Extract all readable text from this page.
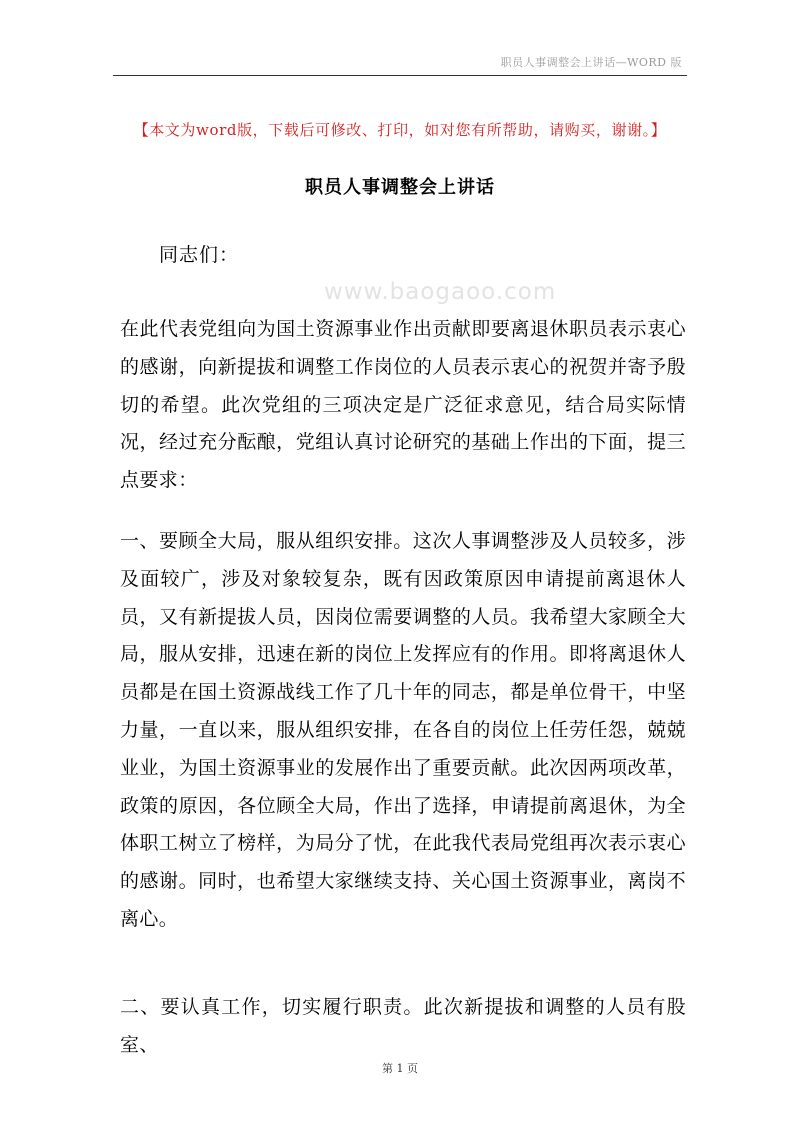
职员人事调整会上讲话—WORD 版
【本文为word版，下载后可修改、打印，如对您有所帮助，请购买，谢谢。】
职员人事调整会上讲话
同志们：
www.baogaoo.com

在此代表党组向为国土资源事业作出贡献即要离退休职员表示衷心的感谢，向新提拔和调整工作岗位的人员表示衷心的祝贺并寄予殷切的希望。此次党组的三项决定是广泛征求意见，结合局实际情况，经过充分酝酿，党组认真讨论研究的基础上作出的下面，提三点要求：

一、要顾全大局，服从组织安排。这次人事调整涉及人员较多，涉及面较广，涉及对象较复杂，既有因政策原因申请提前离退休人员，又有新提拔人员，因岗位需要调整的人员。我希望大家顾全大局，服从安排，迅速在新的岗位上发挥应有的作用。即将离退休人员都是在国土资源战线工作了几十年的同志，都是单位骨干，中坚力量，一直以来，服从组织安排，在各自的岗位上任劳任怨，兢兢业业，为国土资源事业的发展作出了重要贡献。此次因两项改革，政策的原因，各位顾全大局，作出了选择，申请提前离退休，为全体职工树立了榜样，为局分了忧，在此我代表局党组再次表示衷心的感谢。同时，也希望大家继续支持、关心国土资源事业，离岗不离心。

二、要认真工作，切实履行职责。此次新提拔和调整的人员有股室、

第 1 页
